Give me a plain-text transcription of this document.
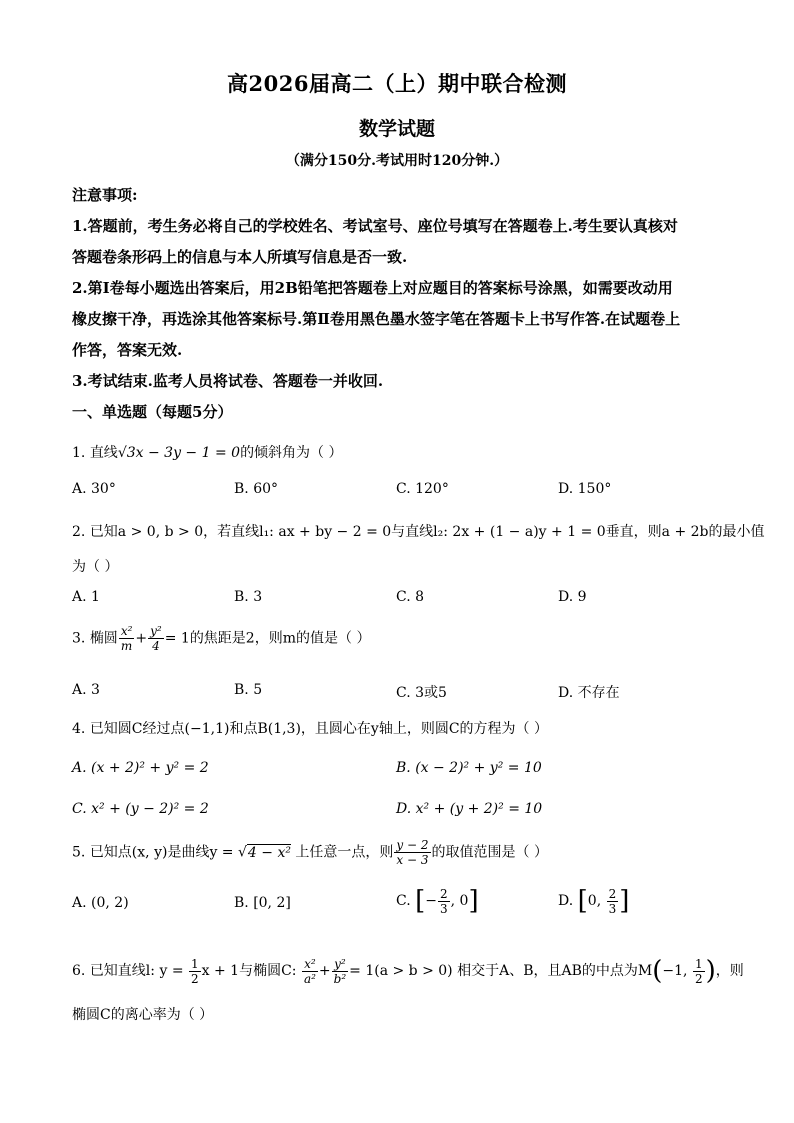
高2026届高二（上）期中联合检测
数学试题
（满分150分.考试用时120分钟.）
注意事项:
1.答题前，考生务必将自己的学校姓名、考试室号、座位号填写在答题卷上.考生要认真核对
答题卷条形码上的信息与本人所填写信息是否一致.
2.第Ⅰ卷每小题选出答案后，用2B铅笔把答题卷上对应题目的答案标号涂黑，如需要改动用
橡皮擦干净，再选涂其他答案标号.第Ⅱ卷用黑色墨水签字笔在答题卡上书写作答.在试题卷上
作答，答案无效.
3.考试结束.监考人员将试卷、答题卷一并收回.
一、单选题（每题5分）
1. 直线√3x − 3y − 1 = 0的倾斜角为（ ）
A. 30°	B. 60°	C. 120°	D. 150°
2. 已知a > 0, b > 0，若直线l₁: ax + by − 2 = 0与直线l₂: 2x + (1 − a)y + 1 = 0垂直，则a + 2b的最小值
为（ ）
A. 1	B. 3	C. 8	D. 9
3. 椭圆 $\frac{\text{x²}}{m} + \frac{\text{y²}}{4} = 1$的焦距是2，则m的值是（ ）
A. 3	B. 5	C. 3或5	D. 不存在
4. 已知圆C经过点(−1,1)和点B(1,3)，且圆心在y轴上，则圆C的方程为（ ）
A. (x + 2)² + y² = 2	B. (x − 2)² + y² = 10
C. x² + (y − 2)² = 2	D. x² + (y + 2)² = 10
5. 已知点(x, y)是曲线y = √4 − x² 上任意一点，则 $\frac{y - 2}{x - 3}$ 的取值范围是（ ）
A. (0, 2)	B. [0, 2]	C. [− $\frac{2}{3}$ , 0]	D. [0, $\frac{2}{3}$ ]
6. 已知直线l: $y = \frac{1}{2}$ x + 1与椭圆C: $\frac{\text{x²}}{\text{a²}} + \frac{\text{y²}}{\text{b²}} = 1(a > b > 0)$ 相交于A、B，且AB的中点为M(−1, $\frac{1}{2}$ )，则
椭圆C的离心率为（ ）
